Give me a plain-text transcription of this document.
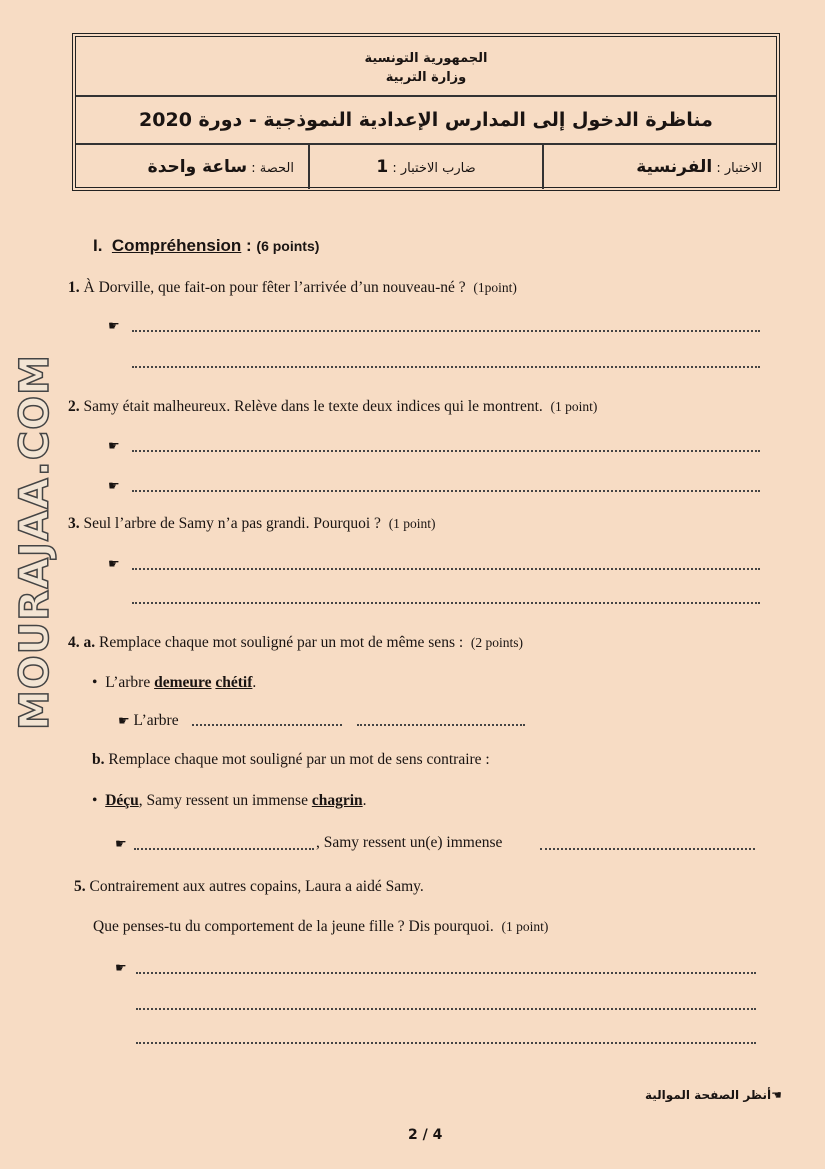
الجمهورية التونسية
وزارة التربية
مناظرة الدخول إلى المدارس الإعدادية النموذجية - دورة 2020
الاختبار : الفرنسية
ضارب الاختبار : 1
الحصة : ساعة واحدة
I. Compréhension : (6 points)
1. À Dorville, que fait-on pour fêter l’arrivée d’un nouveau-né ? (1point)
☛
2. Samy était malheureux. Relève dans le texte deux indices qui le montrent. (1 point)
☛
☛
3. Seul l’arbre de Samy n’a pas grandi. Pourquoi ? (1 point)
☛
4. a. Remplace chaque mot souligné par un mot de même sens : (2 points)
•  L’arbre demeure chétif.
☛ L’arbre
b. Remplace chaque mot souligné par un mot de sens contraire :
•  Déçu, Samy ressent un immense chagrin.
☛	, Samy ressent un(e) immense
5. Contrairement aux autres copains, Laura a aidé Samy.
Que penses-tu du comportement de la jeune fille ? Dis pourquoi. (1 point)
☛
MOURAJAA.COM
☚أنظر الصفحة الموالية
2 / 4
